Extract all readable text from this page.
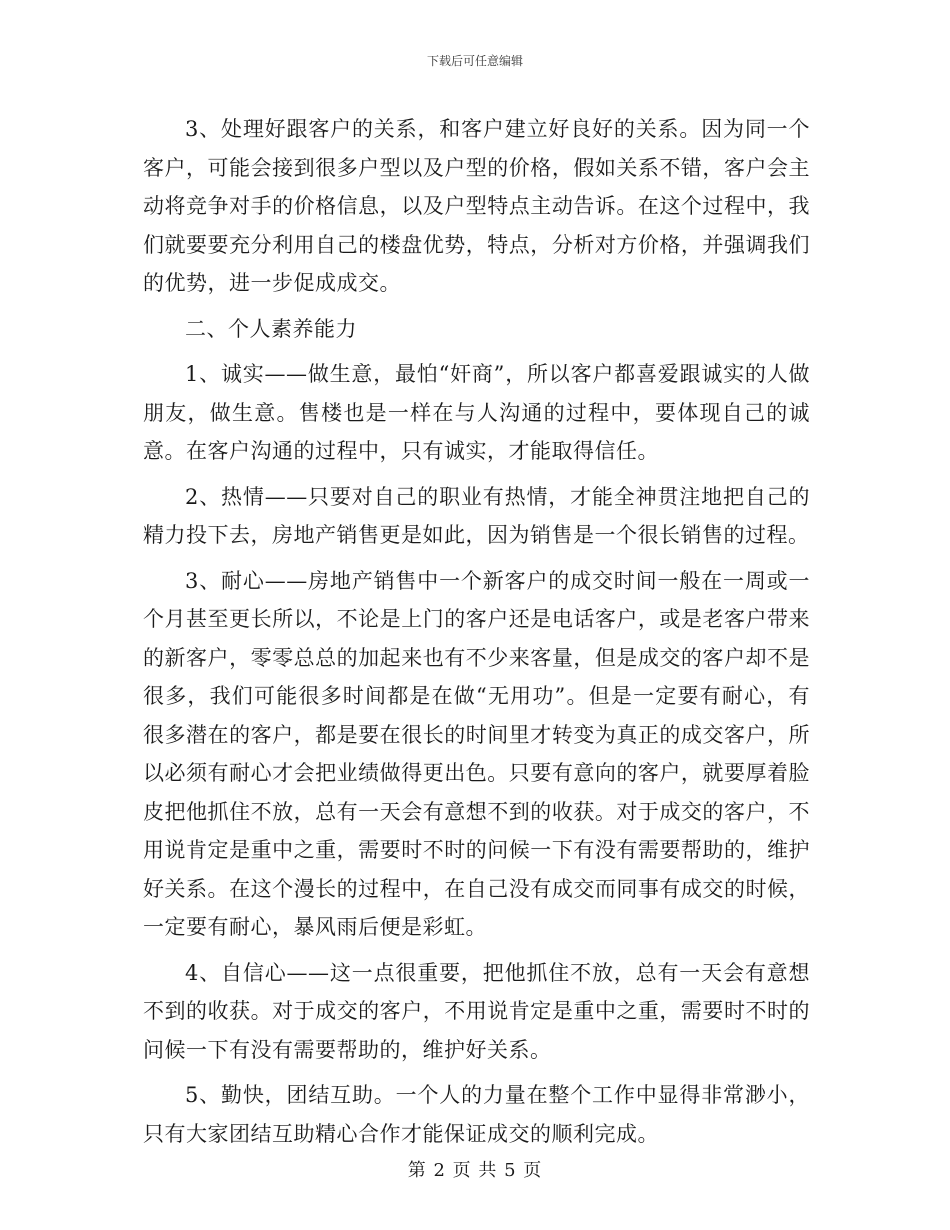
下载后可任意编辑

3、处理好跟客户的关系，和客户建立好良好的关系。因为同一个客户，可能会接到很多户型以及户型的价格，假如关系不错，客户会主动将竞争对手的价格信息，以及户型特点主动告诉。在这个过程中，我们就要要充分利用自己的楼盘优势，特点，分析对方价格，并强调我们的优势，进一步促成成交。

二、个人素养能力

1、诚实——做生意，最怕“奸商”，所以客户都喜爱跟诚实的人做朋友，做生意。售楼也是一样在与人沟通的过程中，要体现自己的诚意。在客户沟通的过程中，只有诚实，才能取得信任。

2、热情——只要对自己的职业有热情，才能全神贯注地把自己的精力投下去，房地产销售更是如此，因为销售是一个很长销售的过程。

3、耐心——房地产销售中一个新客户的成交时间一般在一周或一个月甚至更长所以，不论是上门的客户还是电话客户，或是老客户带来的新客户，零零总总的加起来也有不少来客量，但是成交的客户却不是很多，我们可能很多时间都是在做“无用功”。但是一定要有耐心，有很多潜在的客户，都是要在很长的时间里才转变为真正的成交客户，所以必须有耐心才会把业绩做得更出色。只要有意向的客户，就要厚着脸皮把他抓住不放，总有一天会有意想不到的收获。对于成交的客户，不用说肯定是重中之重，需要时不时的问候一下有没有需要帮助的，维护好关系。在这个漫长的过程中，在自己没有成交而同事有成交的时候，一定要有耐心，暴风雨后便是彩虹。

4、自信心——这一点很重要，把他抓住不放，总有一天会有意想不到的收获。对于成交的客户，不用说肯定是重中之重，需要时不时的问候一下有没有需要帮助的，维护好关系。

5、勤快，团结互助。一个人的力量在整个工作中显得非常渺小，只有大家团结互助精心合作才能保证成交的顺利完成。

第 2 页 共 5 页
